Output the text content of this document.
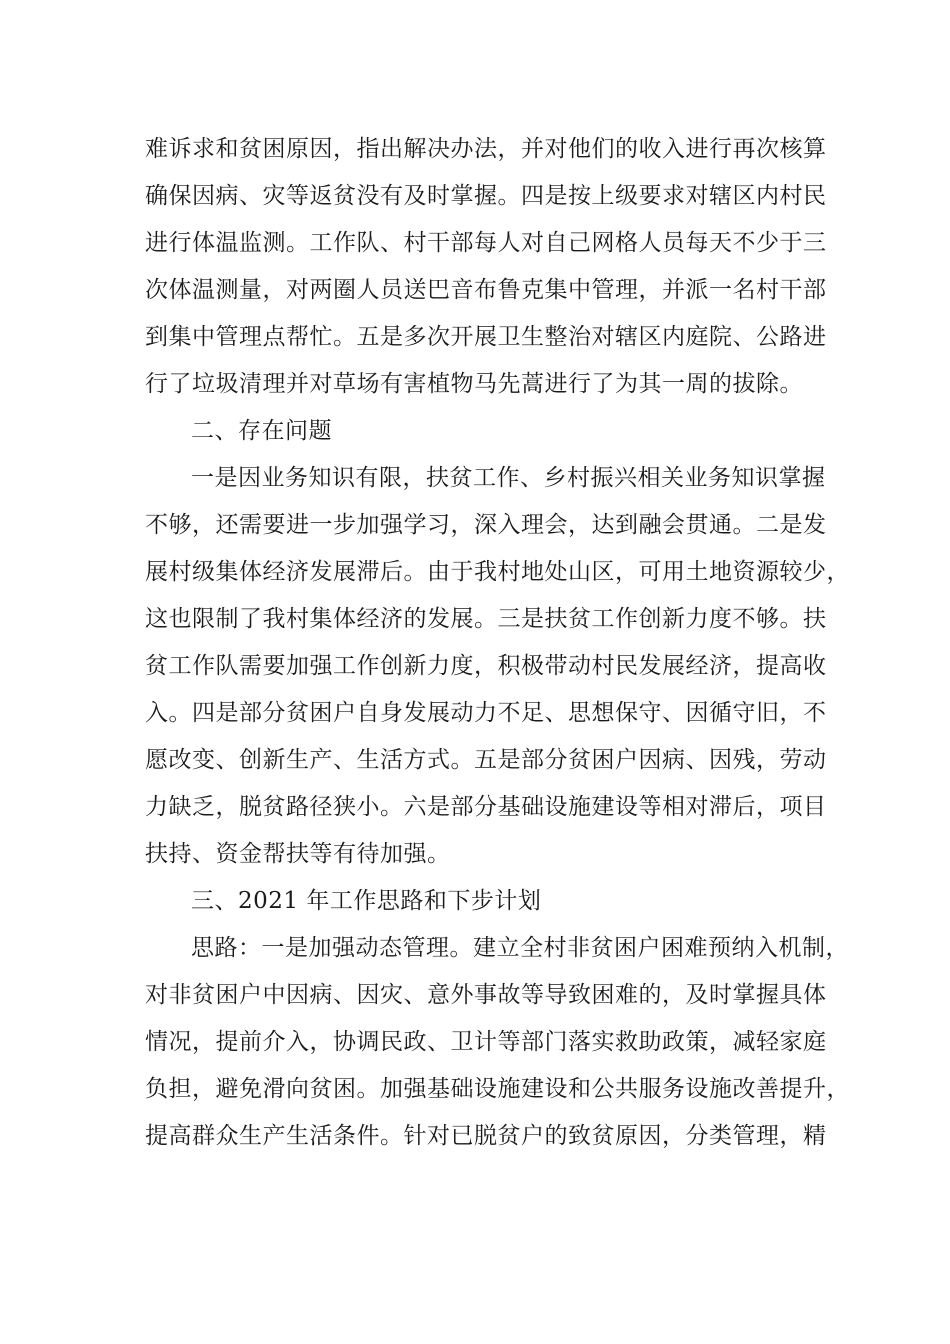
难诉求和贫困原因，指出解决办法，并对他们的收入进行再次核算
确保因病、灾等返贫没有及时掌握。四是按上级要求对辖区内村民
进行体温监测。工作队、村干部每人对自己网格人员每天不少于三
次体温测量，对两圈人员送巴音布鲁克集中管理，并派一名村干部
到集中管理点帮忙。五是多次开展卫生整治对辖区内庭院、公路进
行了垃圾清理并对草场有害植物马先蒿进行了为其一周的拔除。
二、存在问题
一是因业务知识有限，扶贫工作、乡村振兴相关业务知识掌握
不够，还需要进一步加强学习，深入理会，达到融会贯通。二是发
展村级集体经济发展滞后。由于我村地处山区，可用土地资源较少，
这也限制了我村集体经济的发展。三是扶贫工作创新力度不够。扶
贫工作队需要加强工作创新力度，积极带动村民发展经济，提高收
入。四是部分贫困户自身发展动力不足、思想保守、因循守旧，不
愿改变、创新生产、生活方式。五是部分贫困户因病、因残，劳动
力缺乏，脱贫路径狭小。六是部分基础设施建设等相对滞后，项目
扶持、资金帮扶等有待加强。
三、2021 年工作思路和下步计划
思路：一是加强动态管理。建立全村非贫困户困难预纳入机制，
对非贫困户中因病、因灾、意外事故等导致困难的，及时掌握具体
情况，提前介入，协调民政、卫计等部门落实救助政策，减轻家庭
负担，避免滑向贫困。加强基础设施建设和公共服务设施改善提升，
提高群众生产生活条件。针对已脱贫户的致贫原因，分类管理，精
